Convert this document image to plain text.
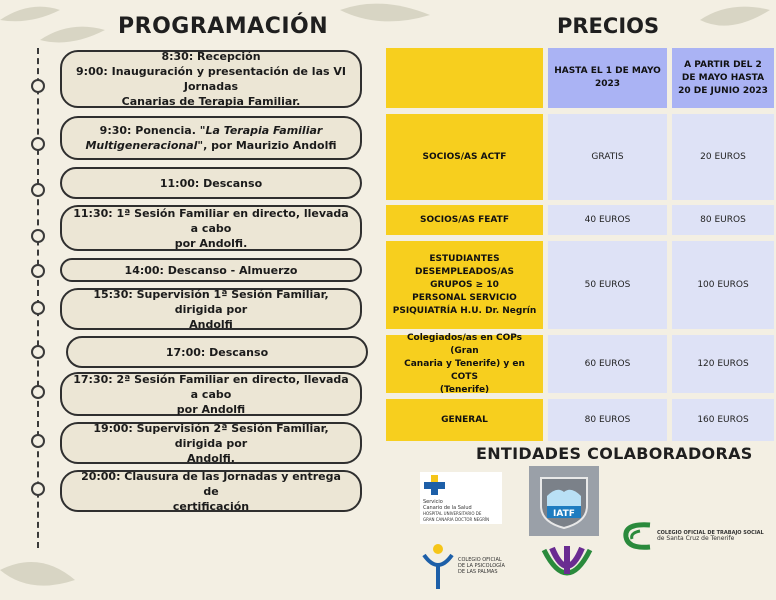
PROGRAMACIÓN
8:30: Recepción
9:00: Inauguración y presentación de las VI Jornadas
Canarias de Terapia Familiar.
9:30: Ponencia. "La Terapia Familiar
Multigeneracional", por Maurizio Andolfi
11:00: Descanso
11:30: 1ª Sesión Familiar en directo, llevada a cabo
por Andolfi.
14:00: Descanso - Almuerzo
15:30: Supervisión 1ª Sesión Familiar, dirigida por
Andolfi
17:00: Descanso
17:30: 2ª Sesión Familiar en directo, llevada a cabo
por Andolfi
19:00: Supervisión 2ª Sesión Familiar, dirigida por
Andolfi.
20:00: Clausura de las Jornadas y entrega de
certificación
PRECIOS
HASTA EL 1 DE MAYO 2023
A PARTIR DEL 2 DE MAYO HASTA 20 DE JUNIO 2023
SOCIOS/AS ACTF	GRATIS	20 EUROS
SOCIOS/AS FEATF	40 EUROS	80 EUROS
ESTUDIANTES
DESEMPLEADOS/AS
GRUPOS ≥ 10
PERSONAL SERVICIO
PSIQUIATRÍA H.U. Dr. Negrín
50 EUROS	100 EUROS
Colegiados/as en COPs (Gran
Canaria y Tenerife) y en COTS
(Tenerife)
60 EUROS	120 EUROS
GENERAL	80 EUROS	160 EUROS
ENTIDADES COLABORADORAS
Servicio
Canario de la Salud
HOSPITAL UNIVERSITARIO DE
GRAN CANARIA DOCTOR NEGRÍN
IATF
COLEGIO OFICIAL DE TRABAJO SOCIAL
de Santa Cruz de Tenerife
COLEGIO OFICIAL
DE LA PSICOLOGÍA
DE LAS PALMAS
